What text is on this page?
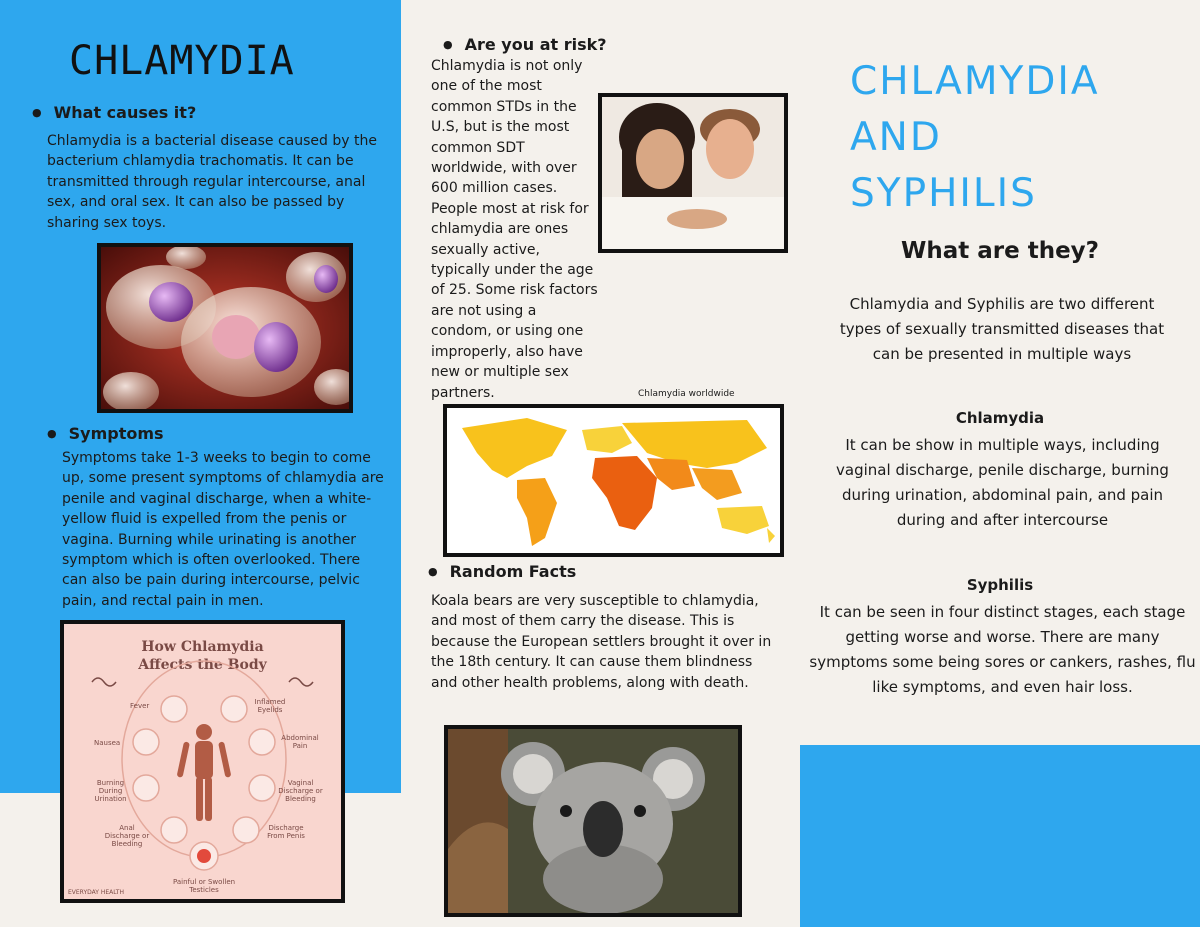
CHLAMYDIA
● What causes it?
Chlamydia is a bacterial disease caused by the bacterium chlamydia trachomatis. It can be transmitted through regular intercourse, anal sex, and oral sex. It can also be passed by sharing sex toys.
● Symptoms
Symptoms take 1-3 weeks to begin to come up, some present symptoms of chlamydia are penile and vaginal discharge, when a white-yellow fluid is expelled from the penis or vagina. Burning while urinating is another symptom which is often overlooked. There can also be pain during intercourse, pelvic pain, and rectal pain in men.
How Chlamydia
Affects the Body
Fever	Inflamed Eyelids
Nausea
Abdominal Pain
Burning During Urination
Vaginal Discharge or Bleeding
Anal Discharge or Bleeding
Discharge From Penis
Painful or Swollen Testicles
EVERYDAY HEALTH
● Are you at risk?
Chlamydia is not only one of the most common STDs in the U.S, but is the most common SDT worldwide, with over 600 million cases. People most at risk for chlamydia are ones sexually active, typically under the age of 25. Some risk factors are not using a condom, or using one improperly, also have new or multiple sex partners.	Chlamydia worldwide
● Random Facts
Koala bears are very susceptible to chlamydia, and most of them carry the disease. This is because the European settlers brought it over in the 18th century. It can cause them blindness and other health problems, along with death.
CHLAMYDIA
AND
SYPHILIS
What are they?
Chlamydia and Syphilis are two different types of sexually transmitted diseases that can be presented in multiple ways
Chlamydia
It can be show in multiple ways, including vaginal discharge, penile discharge, burning during urination, abdominal pain, and pain during and after intercourse
Syphilis
It can be seen in four distinct stages, each stage getting worse and worse. There are many symptoms some being sores or cankers, rashes, flu like symptoms, and even hair loss.
